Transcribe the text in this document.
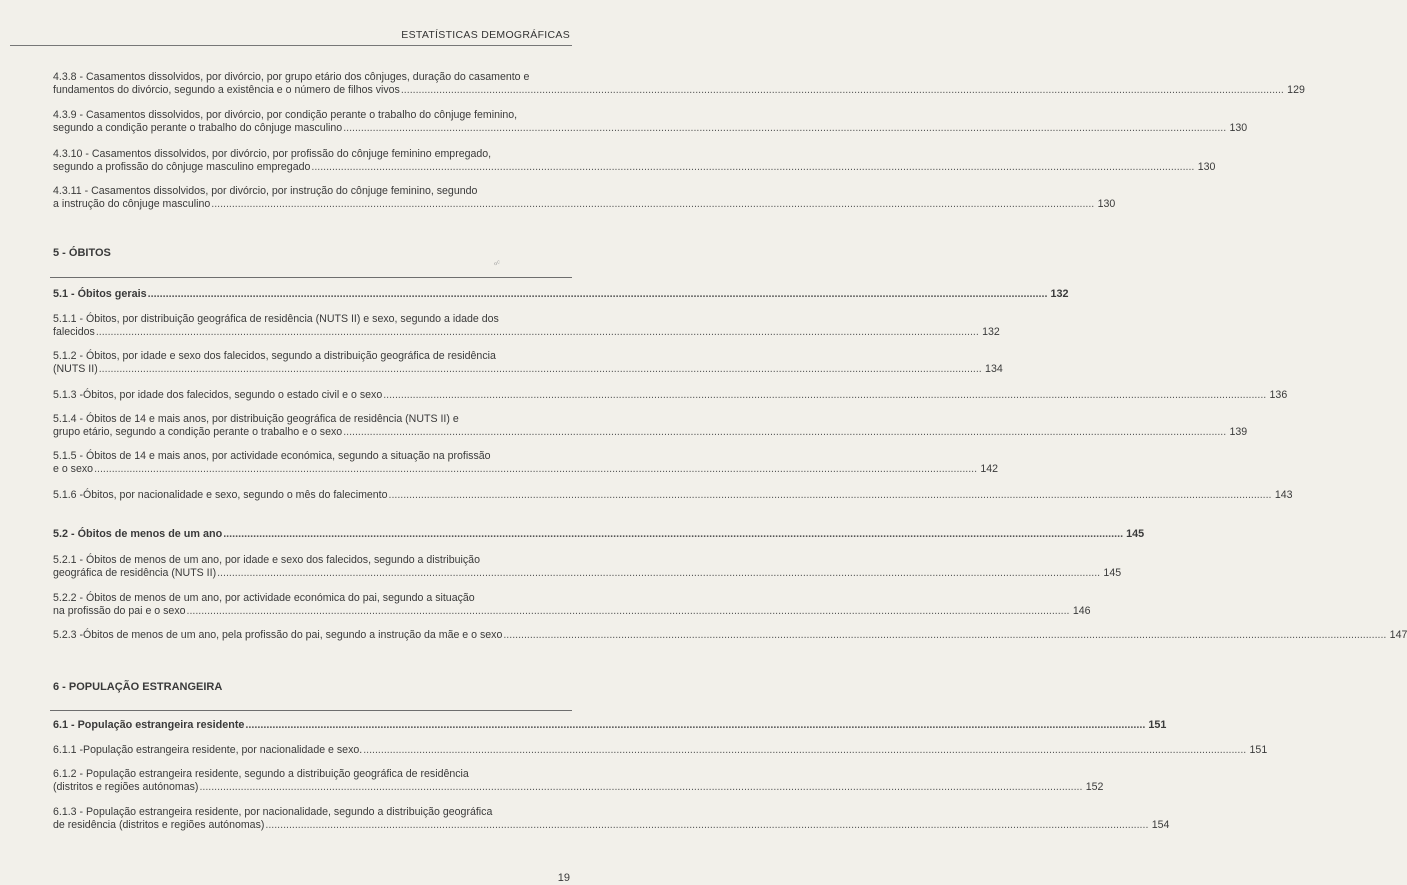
ESTATÍSTICAS DEMOGRÁFICAS
4.3.8 - Casamentos dissolvidos, por divórcio, por grupo etário dos cônjuges, duração do casamento e
fundamentos do divórcio, segundo a existência e o número de filhos vivos ............................................................................................................................................................................................................................................................................................................ 129
4.3.9 - Casamentos dissolvidos, por divórcio, por condição perante o trabalho do cônjuge feminino,
segundo a condição perante o trabalho do cônjuge masculino ............................................................................................................................................................................................................................................................................................................ 130
4.3.10 - Casamentos dissolvidos, por divórcio, por profissão do cônjuge feminino empregado,
segundo a profissão do cônjuge masculino empregado ............................................................................................................................................................................................................................................................................................................ 130
4.3.11 - Casamentos dissolvidos, por divórcio, por instrução do cônjuge feminino, segundo
a instrução do cônjuge masculino ............................................................................................................................................................................................................................................................................................................ 130
5 - ÓBITOS
5.1 - Óbitos gerais ............................................................................................................................................................................................................................................................................................................ 132
5.1.1 - Óbitos, por distribuição geográfica de residência (NUTS II) e sexo, segundo a idade dos
falecidos ............................................................................................................................................................................................................................................................................................................ 132
5.1.2 - Óbitos, por idade e sexo dos falecidos, segundo a distribuição geográfica de residência
(NUTS II) ............................................................................................................................................................................................................................................................................................................ 134
5.1.3 - Óbitos, por idade dos falecidos, segundo o estado civil e o sexo ............................................................................................................................................................................................................................................................................................................ 136
5.1.4 - Óbitos de 14 e mais anos, por distribuição geográfica de residência (NUTS II) e
grupo etário, segundo a condição perante o trabalho e o sexo ............................................................................................................................................................................................................................................................................................................ 139
5.1.5 - Óbitos de 14 e mais anos, por actividade económica, segundo a situação na profissão
e o sexo ............................................................................................................................................................................................................................................................................................................ 142
5.1.6 - Óbitos, por nacionalidade e sexo, segundo o mês do falecimento ............................................................................................................................................................................................................................................................................................................ 143
5.2 - Óbitos de menos de um ano ............................................................................................................................................................................................................................................................................................................ 145
5.2.1 - Óbitos de menos de um ano, por idade e sexo dos falecidos, segundo a distribuição
geográfica de residência (NUTS II) ............................................................................................................................................................................................................................................................................................................ 145
5.2.2 - Óbitos de menos de um ano, por actividade económica do pai, segundo a situação
na profissão do pai e o sexo ............................................................................................................................................................................................................................................................................................................ 146
5.2.3 - Óbitos de menos de um ano, pela profissão do pai, segundo a instrução da mãe e o sexo ............................................................................................................................................................................................................................................................................................................ 147
6 - POPULAÇÃO ESTRANGEIRA
6.1 - População estrangeira residente ............................................................................................................................................................................................................................................................................................................ 151
6.1.1 - População estrangeira residente, por nacionalidade e sexo. ............................................................................................................................................................................................................................................................................................................ 151
6.1.2 - População estrangeira residente, segundo a distribuição geográfica de residência
(distritos e regiões autónomas) ............................................................................................................................................................................................................................................................................................................ 152
6.1.3 - População estrangeira residente, por nacionalidade, segundo a distribuição geográfica
de residência (distritos e regiões autónomas) ............................................................................................................................................................................................................................................................................................................ 154
ℴᶜ
19
